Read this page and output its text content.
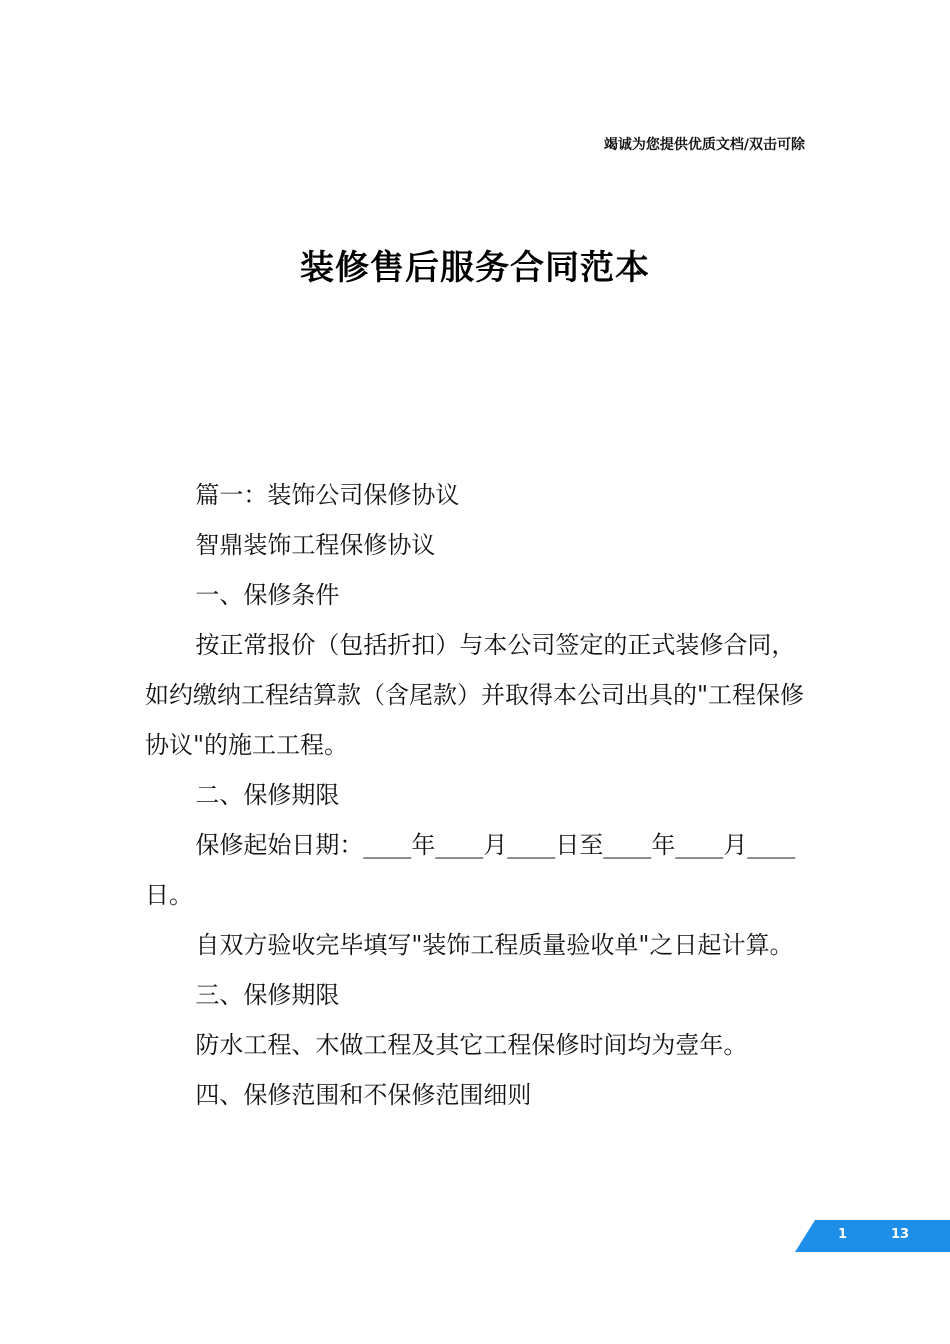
竭诚为您提供优质文档/双击可除
装修售后服务合同范本

篇一：装饰公司保修协议

智鼎装饰工程保修协议

一、保修条件

按正常报价（包括折扣）与本公司签定的正式装修合同，如约缴纳工程结算款（含尾款）并取得本公司出具的"工程保修协议"的施工工程。

二、保修期限

保修起始日期：____年____月____日至____年____月____日。

自双方验收完毕填写"装饰工程质量验收单"之日起计算。

三、保修期限

防水工程、木做工程及其它工程保修时间均为壹年。

四、保修范围和不保修范围细则

1	13
